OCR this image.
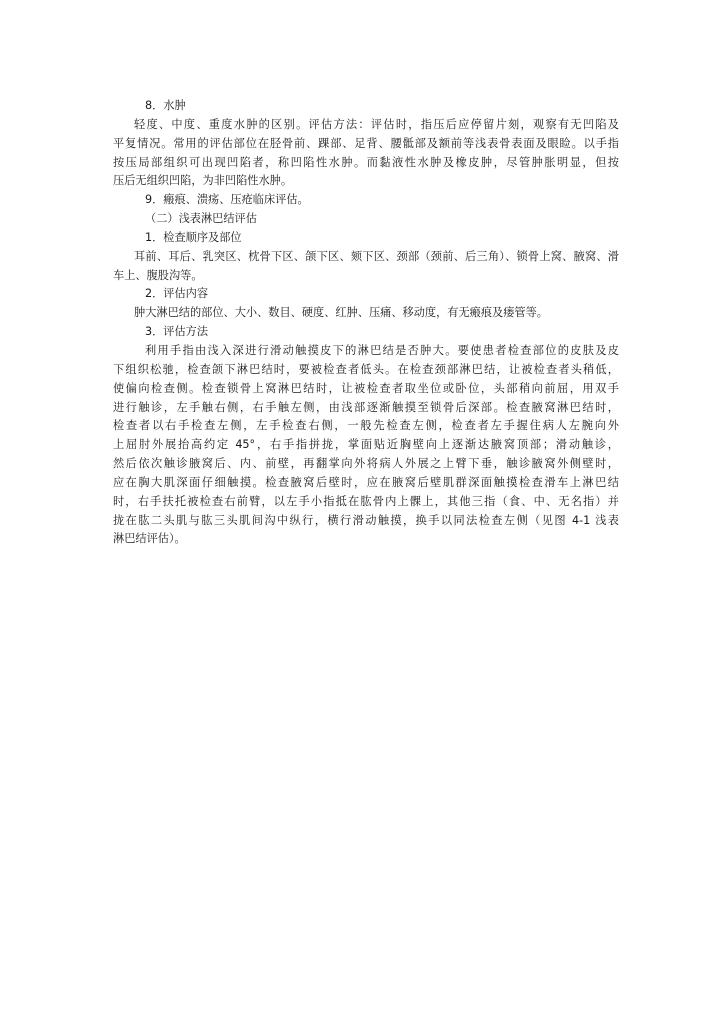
8．水肿
轻度、中度、重度水肿的区别。评估方法：评估时，指压后应停留片刻，观察有无凹陷及
平复情况。常用的评估部位在胫骨前、踝部、足背、腰骶部及额前等浅表骨表面及眼睑。以手指
按压局部组织可出现凹陷者，称凹陷性水肿。而黏液性水肿及橡皮肿，尽管肿胀明显，但按
压后无组织凹陷，为非凹陷性水肿。
9．瘢痕、溃疡、压疮临床评估。
（二）浅表淋巴结评估
1．检查顺序及部位
耳前、耳后、乳突区、枕骨下区、颌下区、颏下区、颈部（颈前、后三角）、锁骨上窝、腋窝、滑
车上、腹股沟等。
2．评估内容
肿大淋巴结的部位、大小、数目、硬度、红肿、压痛、移动度，有无瘢痕及瘘管等。
3．评估方法
利用手指由浅入深进行滑动触摸皮下的淋巴结是否肿大。要使患者检查部位的皮肤及皮
下组织松驰，检查颌下淋巴结时，要被检查者低头。在检查颈部淋巴结，让被检查者头稍低，
使偏向检查侧。检查锁骨上窝淋巴结时，让被检查者取坐位或卧位，头部稍向前屈，用双手
进行触诊，左手触右侧，右手触左侧，由浅部逐渐触摸至锁骨后深部。检查腋窝淋巴结时，
检查者以右手检查左侧，左手检查右侧，一般先检查左侧，检查者左手握住病人左腕向外
上屈肘外展抬高约定 45°，右手指拼拢，掌面贴近胸壁向上逐渐达腋窝顶部；滑动触诊，
然后依次触诊腋窝后、内、前壁，再翻掌向外将病人外展之上臂下垂，触诊腋窝外侧壁时，
应在胸大肌深面仔细触摸。检查腋窝后壁时，应在腋窝后壁肌群深面触摸检查滑车上淋巴结
时，右手扶托被检查右前臂，以左手小指抵在肱骨内上髁上，其他三指（食、中、无名指）并
拢在肱二头肌与肱三头肌间沟中纵行，横行滑动触摸，换手以同法检查左侧（见图 4-1 浅表
淋巴结评估）。
